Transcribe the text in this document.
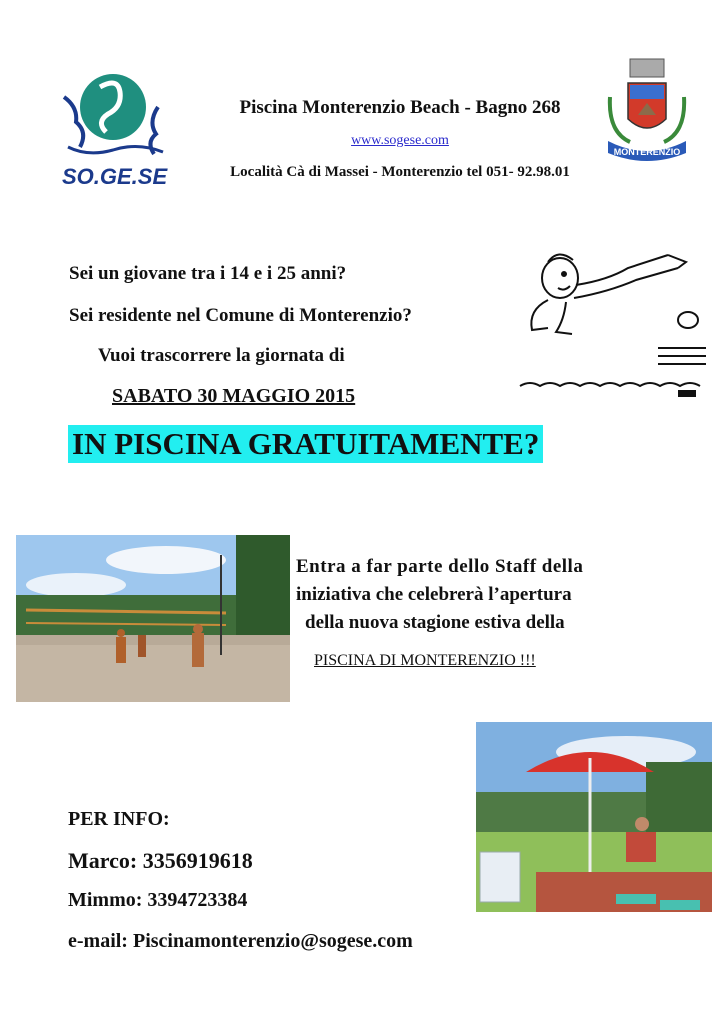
SO.GE.SE
Piscina Monterenzio Beach - Bagno 268
www.sogese.com
Località Cà di Massei - Monterenzio tel 051- 92.98.01
MONTERENZIO
Sei un giovane tra i 14 e i 25 anni?
Sei residente nel Comune di Monterenzio?
Vuoi trascorrere la giornata di
SABATO 30 MAGGIO 2015
IN PISCINA GRATUITAMENTE?
Entra a far parte dello Staff della
iniziativa che celebrerà l’apertura
della nuova stagione estiva della
PISCINA DI MONTERENZIO !!!
PER INFO:
Marco: 3356919618
Mimmo: 3394723384
e-mail: Piscinamonterenzio@sogese.com
